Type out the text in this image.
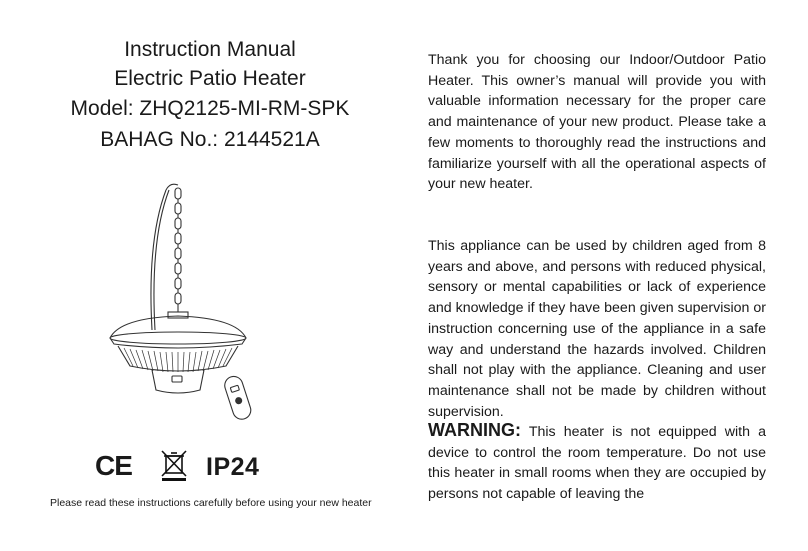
Instruction Manual
Electric Patio Heater
Model: ZHQ2125-MI-RM-SPK
BAHAG No.: 2144521A
CE	IP24
Please read these instructions carefully before using your new heater

Thank you for choosing our Indoor/Outdoor Patio Heater. This owner’s manual will provide you with valuable information necessary for the proper care and maintenance of your new product. Please take a few moments to thoroughly read the instructions and familiarize yourself with all the operational aspects of your new heater.

This appliance can be used by children aged from 8 years and above, and persons with reduced physical, sensory or mental capabilities or lack of experience and knowledge if they have been given supervision or instruction concerning use of the appliance in a safe way and understand the hazards involved. Children shall not play with the appliance. Cleaning and user maintenance shall not be made by children without supervision.

WARNING: This heater is not equipped with a device to control the room temperature. Do not use this heater in small rooms when they are occupied by persons not capable of leaving the
